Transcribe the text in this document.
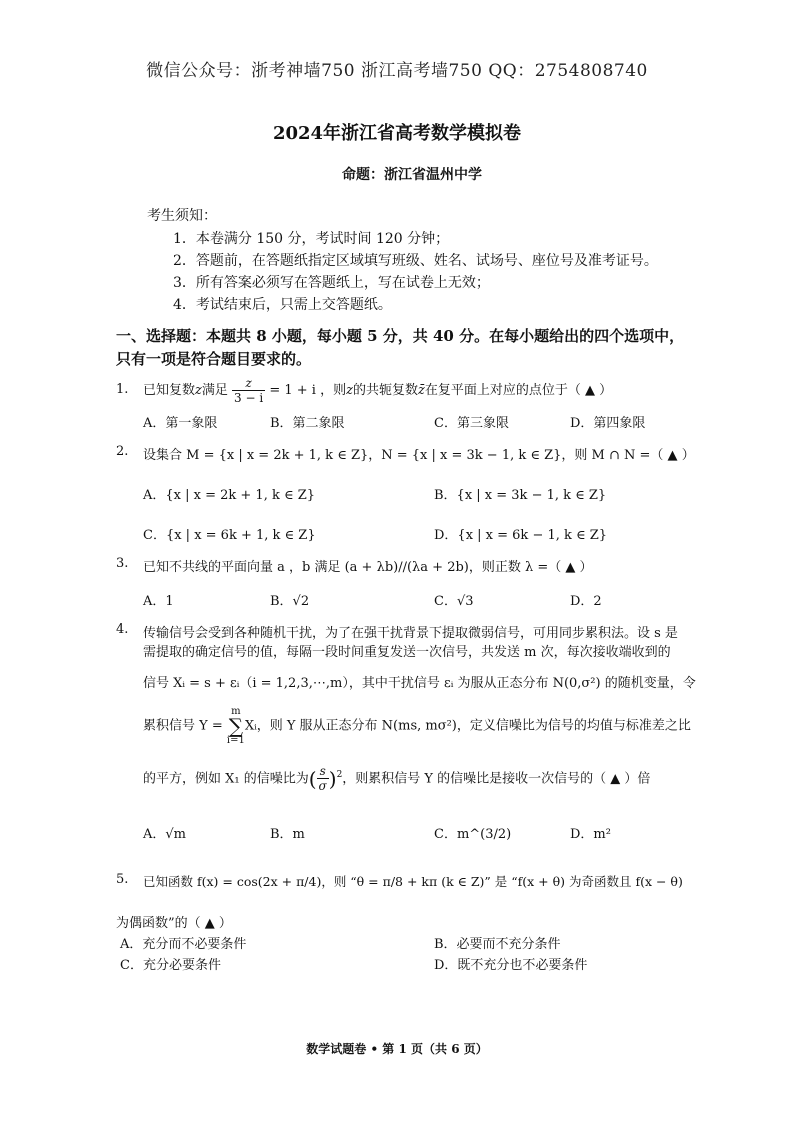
微信公众号：浙考神墙750 浙江高考墙750 QQ：2754808740
2024年浙江省高考数学模拟卷
命题：浙江省温州中学
考生须知：
1．本卷满分 150 分，考试时间 120 分钟；
2．答题前，在答题纸指定区域填写班级、姓名、试场号、座位号及准考证号。
3．所有答案必须写在答题纸上，写在试卷上无效；
4．考试结束后，只需上交答题纸。
一、选择题：本题共 8 小题，每小题 5 分，共 40 分。在每小题给出的四个选项中，只有一项是符合题目要求的。
1. 已知复数z满足 $\frac{z}{3 - i} = 1 + i$ ，则z的共轭复数z̄在复平面上对应的点位于（ ▲ ）
A．第一象限	B．第二象限	C．第三象限	D．第四象限
2. 设集合 M = {x | x = 2k + 1, k ∈ Z}，N = {x | x = 3k − 1, k ∈ Z}，则 M ∩ N =（ ▲ ）
A．{x | x = 2k + 1, k ∈ Z}	B．{x | x = 3k − 1, k ∈ Z}
C．{x | x = 6k + 1, k ∈ Z}	D．{x | x = 6k − 1, k ∈ Z}
3. 已知不共线的平面向量 a ，b 满足 (a + λb)//(λa + 2b)，则正数 λ =（ ▲ ）
A．1	B．√2	C．√3	D．2
4. 传输信号会受到各种随机干扰，为了在强干扰背景下提取微弱信号，可用同步累积法。设 s 是
需提取的确定信号的值，每隔一段时间重复发送一次信号，共发送 m 次，每次接收端收到的
信号 Xᵢ = s + εᵢ（i = 1,2,3,⋯,m），其中干扰信号 εᵢ 为服从正态分布 N(0,σ²) 的随机变量，令
累积信号 Y =
m
∑
i=1
Xᵢ，则 Y 服从正态分布 N(ms, mσ²)，定义信噪比为信号的均值与标准差之比
的平方，例如 X₁ 的信噪比为( $\frac{s}{\sigma} )^2$，则累积信号 Y 的信噪比是接收一次信号的（ ▲ ）倍
A．√m	B．m	C．m^(3/2)	D．m²
5. 已知函数 f(x) = cos(2x + π/4)，则 “θ = π/8 + kπ (k ∈ Z)” 是 “f(x + θ) 为奇函数且 f(x − θ)
为偶函数”的（ ▲ ）
A．充分而不必要条件	B．必要而不充分条件
C．充分必要条件	D．既不充分也不必要条件
数学试题卷 • 第 1 页（共 6 页）
